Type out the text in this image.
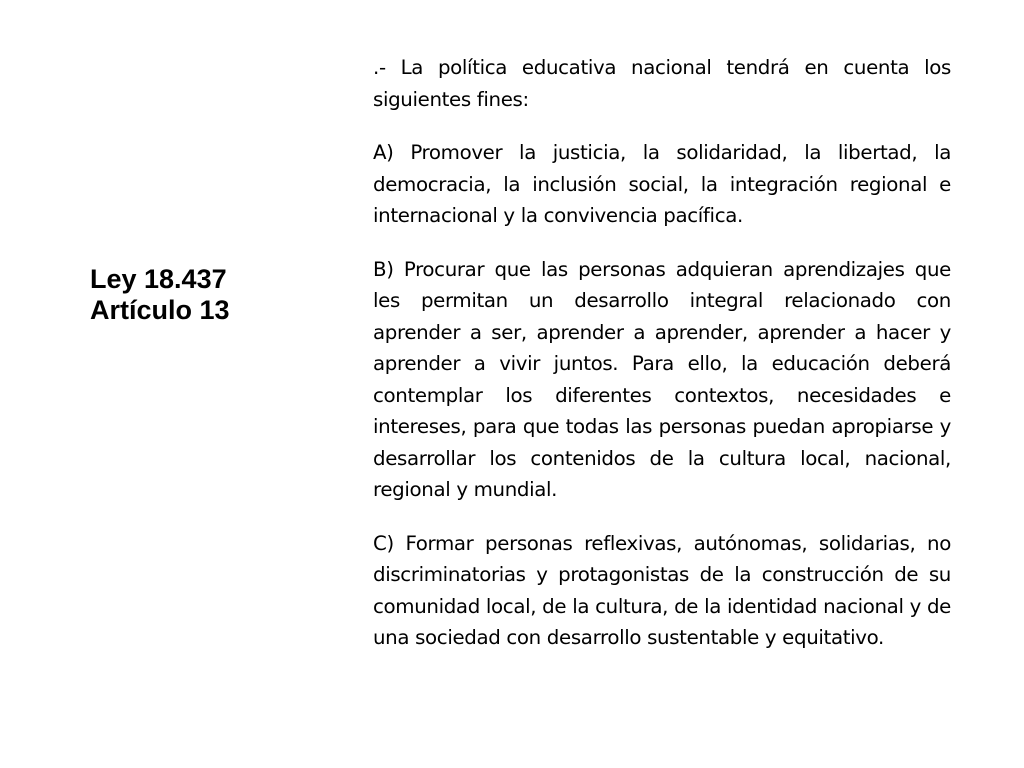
Ley 18.437
Artículo 13

.- La política educativa nacional tendrá en cuenta los siguientes fines:

A) Promover la justicia, la solidaridad, la libertad, la democracia, la inclusión social, la integración regional e internacional y la convivencia pacífica.

B) Procurar que las personas adquieran aprendizajes que les permitan un desarrollo integral relacionado con aprender a ser, aprender a aprender, aprender a hacer y aprender a vivir juntos. Para ello, la educación deberá contemplar los diferentes contextos, necesidades e intereses, para que todas las personas puedan apropiarse y desarrollar los contenidos de la cultura local, nacional, regional y mundial.

C) Formar personas reflexivas, autónomas, solidarias, no discriminatorias y protagonistas de la construcción de su comunidad local, de la cultura, de la identidad nacional y de una sociedad con desarrollo sustentable y equitativo.
